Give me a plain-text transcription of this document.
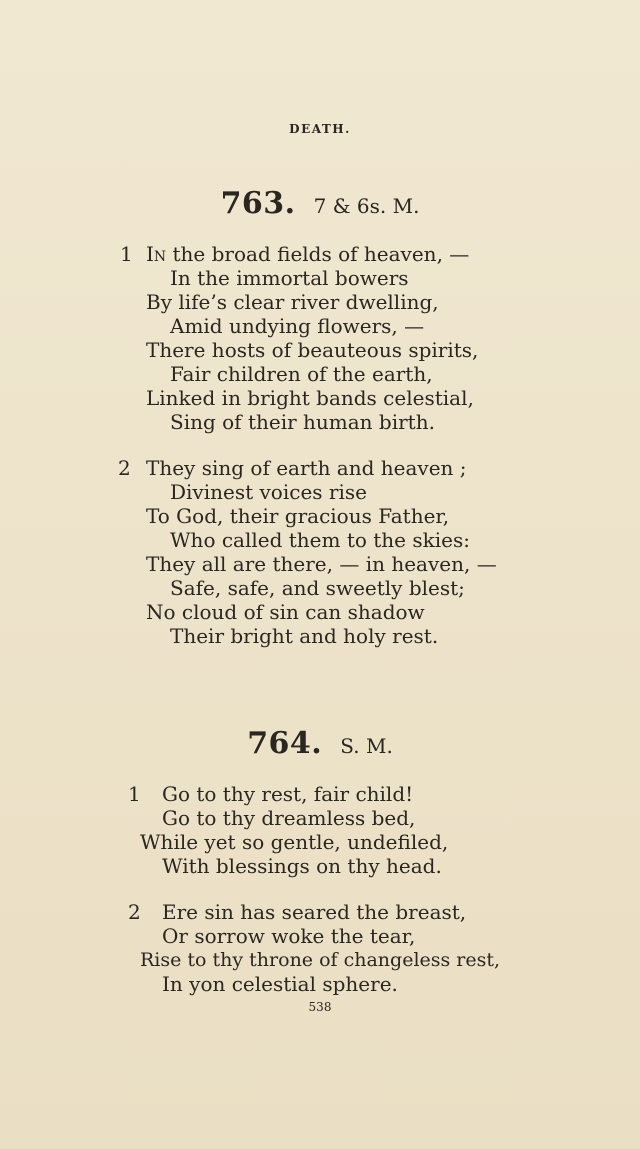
DEATH.
763. 7 & 6s. M.
1 In the broad fields of heaven, —
In the immortal bowers
By life’s clear river dwelling,
Amid undying flowers, —
There hosts of beauteous spirits,
Fair children of the earth,
Linked in bright bands celestial,
Sing of their human birth.
2 They sing of earth and heaven ;
Divinest voices rise
To God, their gracious Father,
Who called them to the skies:
They all are there, — in heaven, —
Safe, safe, and sweetly blest;
No cloud of sin can shadow
Their bright and holy rest.
764. S. M.
1 Go to thy rest, fair child!
Go to thy dreamless bed,
While yet so gentle, undefiled,
With blessings on thy head.
2 Ere sin has seared the breast,
Or sorrow woke the tear,
Rise to thy throne of changeless rest,
In yon celestial sphere.
538
